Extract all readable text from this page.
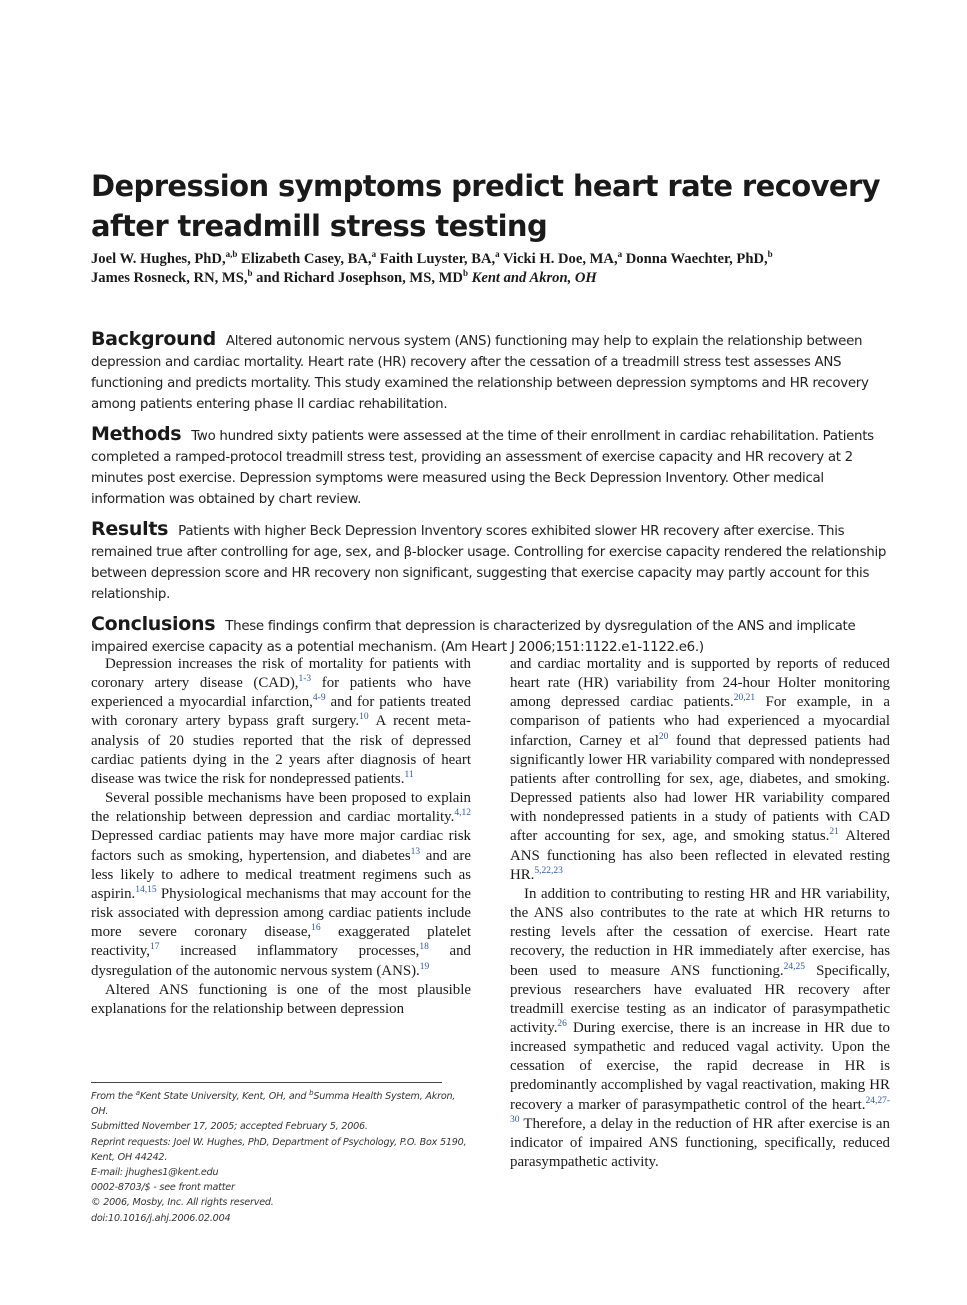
Depression symptoms predict heart rate recovery after treadmill stress testing

Joel W. Hughes, PhD,$^{a,b}$ Elizabeth Casey, BA,$^a$ Faith Luyster, BA,$^a$ Vicki H. Doe, MA,$^a$ Donna Waechter, PhD,$^b$
James Rosneck, RN, MS,$^b$ and Richard Josephson, MS, $MD^b$ Kent and Akron, OH

Background Altered autonomic nervous system (ANS) functioning may help to explain the relationship between depression and cardiac mortality. Heart rate (HR) recovery after the cessation of a treadmill stress test assesses ANS functioning and predicts mortality. This study examined the relationship between depression symptoms and HR recovery among patients entering phase II cardiac rehabilitation.

Methods Two hundred sixty patients were assessed at the time of their enrollment in cardiac rehabilitation. Patients completed a ramped-protocol treadmill stress test, providing an assessment of exercise capacity and HR recovery at 2 minutes post exercise. Depression symptoms were measured using the Beck Depression Inventory. Other medical information was obtained by chart review.

Results Patients with higher Beck Depression Inventory scores exhibited slower HR recovery after exercise. This remained true after controlling for age, sex, and β-blocker usage. Controlling for exercise capacity rendered the relationship between depression score and HR recovery non significant, suggesting that exercise capacity may partly account for this relationship.

Conclusions These findings confirm that depression is characterized by dysregulation of the ANS and implicate impaired exercise capacity as a potential mechanism. (Am Heart J 2006;151:1122.e1-1122.e6.)

Depression increases the risk of mortality for patients with coronary artery disease (CAD),$^{1-3}$ for patients who have experienced a myocardial infarction,$^{4-9}$ and for patients treated with coronary artery bypass graft surgery.$^{10}$ A recent meta-analysis of 20 studies reported that the risk of depressed cardiac patients dying in the 2 years after diagnosis of heart disease was twice the risk for nondepressed patients.$^{11}$

Several possible mechanisms have been proposed to explain the relationship between depression and cardiac mortality.$^{4,12}$ Depressed cardiac patients may have more major cardiac risk factors such as smoking, hypertension, and diabetes$^{13}$ and are less likely to adhere to medical treatment regimens such as aspirin.$^{14,15}$ Physiological mechanisms that may account for the risk associated with depression among cardiac patients include more severe coronary disease,$^{16}$ exaggerated platelet reactivity,$^{17}$ increased inflammatory processes,$^{18}$ and dysregulation of the autonomic nervous system (ANS).$^{19}$

Altered ANS functioning is one of the most plausible explanations for the relationship between depression

and cardiac mortality and is supported by reports of reduced heart rate (HR) variability from 24-hour Holter monitoring among depressed cardiac patients.$^{20,21}$ For example, in a comparison of patients who had experienced a myocardial infarction, Carney et al$^{20}$ found that depressed patients had significantly lower HR variability compared with nondepressed patients after controlling for sex, age, diabetes, and smoking. Depressed patients also had lower HR variability compared with nondepressed patients in a study of patients with CAD after accounting for sex, age, and smoking status.$^{21}$ Altered ANS functioning has also been reflected in elevated resting HR.$^{5,22,23}$

In addition to contributing to resting HR and HR variability, the ANS also contributes to the rate at which HR returns to resting levels after the cessation of exercise. Heart rate recovery, the reduction in HR immediately after exercise, has been used to measure ANS functioning.$^{24,25}$ Specifically, previous researchers have evaluated HR recovery after treadmill exercise testing as an indicator of parasympathetic activity.$^{26}$ During exercise, there is an increase in HR due to increased sympathetic and reduced vagal activity. Upon the cessation of exercise, the rapid decrease in HR is predominantly accomplished by vagal reactivation, making HR recovery a marker of parasympathetic control of the heart.$^{24,27-30}$ Therefore, a delay in the reduction of HR after exercise is an indicator of impaired ANS functioning, specifically, reduced parasympathetic activity.

From the $^a$Kent State University, Kent, OH, and $^b$Summa Health System, Akron, OH.
Submitted November 17, 2005; accepted February 5, 2006.
Reprint requests: Joel W. Hughes, PhD, Department of Psychology, P.O. Box 5190, Kent, OH 44242.
E-mail: jhughes1@kent.edu
0002-8703/$ - see front matter
© 2006, Mosby, Inc. All rights reserved.
doi:10.1016/j.ahj.2006.02.004
